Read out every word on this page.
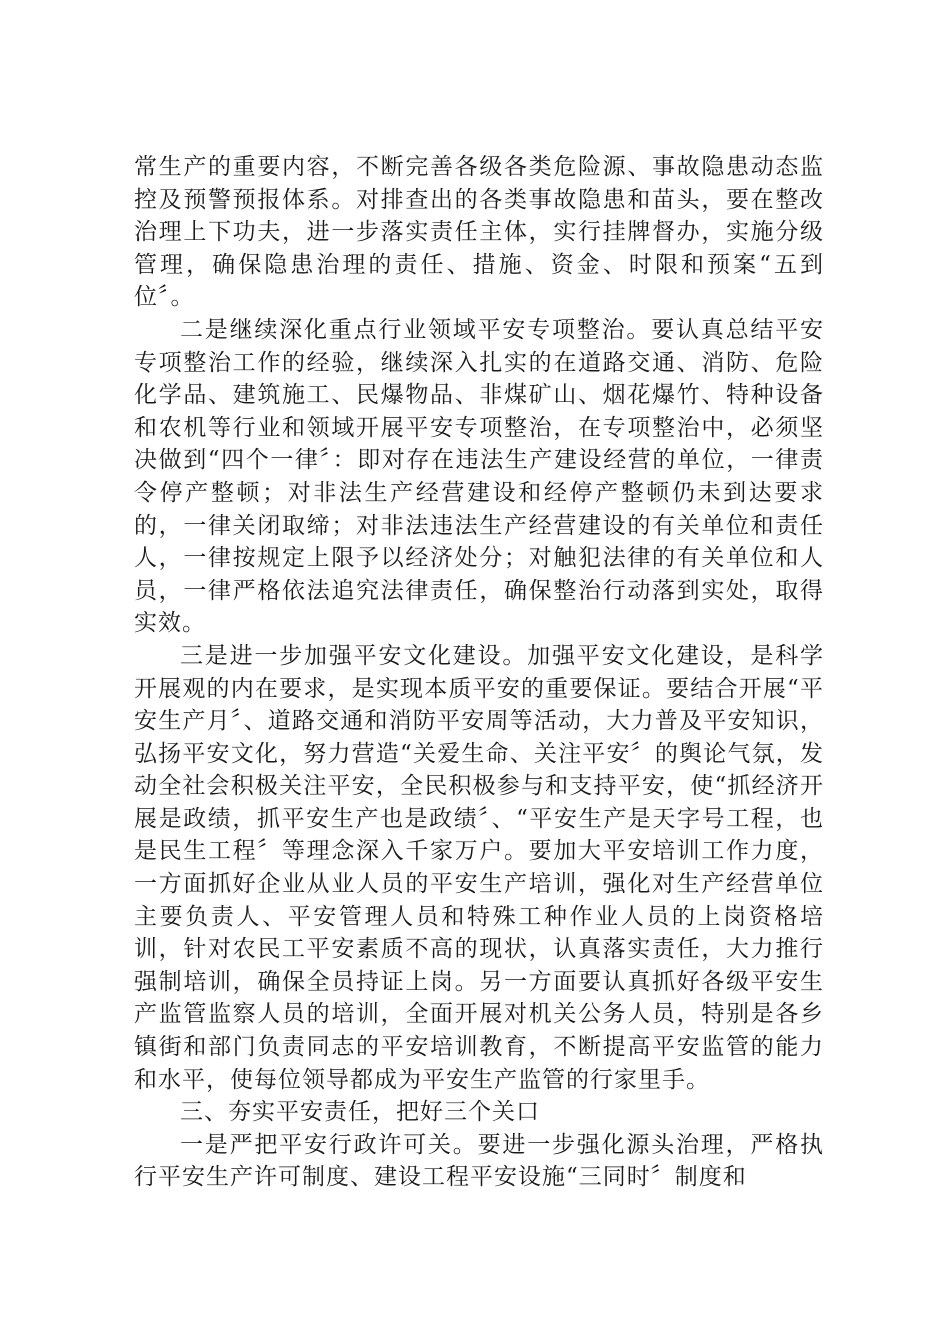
常生产的重要内容，不断完善各级各类危险源、事故隐患动态监控及预警预报体系。对排查出的各类事故隐患和苗头，要在整改治理上下功夫，进一步落实责任主体，实行挂牌督办，实施分级管理，确保隐患治理的责任、措施、资金、时限和预案“五到位〞。

二是继续深化重点行业领域平安专项整治。要认真总结平安专项整治工作的经验，继续深入扎实的在道路交通、消防、危险化学品、建筑施工、民爆物品、非煤矿山、烟花爆竹、特种设备和农机等行业和领域开展平安专项整治，在专项整治中，必须坚决做到“四个一律〞：即对存在违法生产建设经营的单位，一律责令停产整顿；对非法生产经营建设和经停产整顿仍未到达要求的，一律关闭取缔；对非法违法生产经营建设的有关单位和责任人，一律按规定上限予以经济处分；对触犯法律的有关单位和人员，一律严格依法追究法律责任，确保整治行动落到实处，取得实效。

三是进一步加强平安文化建设。加强平安文化建设，是科学开展观的内在要求，是实现本质平安的重要保证。要结合开展“平安生产月〞、道路交通和消防平安周等活动，大力普及平安知识，弘扬平安文化，努力营造“关爱生命、关注平安〞的舆论气氛，发动全社会积极关注平安，全民积极参与和支持平安，使“抓经济开展是政绩，抓平安生产也是政绩〞、“平安生产是天字号工程，也是民生工程〞等理念深入千家万户。要加大平安培训工作力度，一方面抓好企业从业人员的平安生产培训，强化对生产经营单位主要负责人、平安管理人员和特殊工种作业人员的上岗资格培训，针对农民工平安素质不高的现状，认真落实责任，大力推行强制培训，确保全员持证上岗。另一方面要认真抓好各级平安生产监管监察人员的培训，全面开展对机关公务人员，特别是各乡镇街和部门负责同志的平安培训教育，不断提高平安监管的能力和水平，使每位领导都成为平安生产监管的行家里手。

三、夯实平安责任，把好三个关口

一是严把平安行政许可关。要进一步强化源头治理，严格执行平安生产许可制度、建设工程平安设施“三同时〞制度和
